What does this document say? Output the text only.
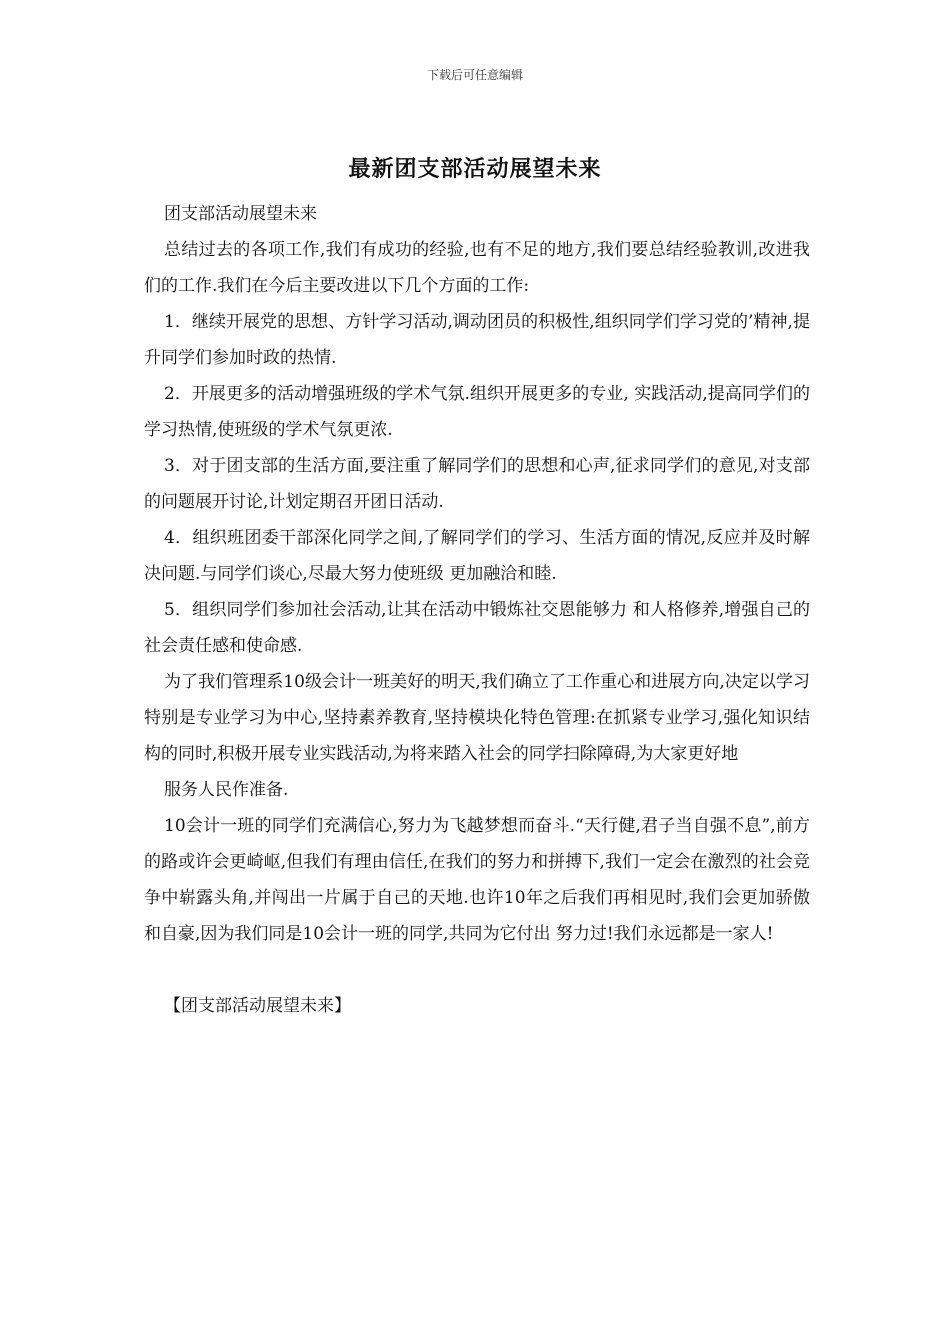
下载后可任意编辑
最新团支部活动展望未来

团支部活动展望未来

总结过去的各项工作,我们有成功的经验,也有不足的地方,我们要总结经验教训,改进我们的工作.我们在今后主要改进以下几个方面的工作:

1．继续开展党的思想、方针学习活动,调动团员的积极性,组织同学们学习党的’精神,提升同学们参加时政的热情.

2．开展更多的活动增强班级的学术气氛.组织开展更多的专业, 实践活动,提高同学们的学习热情,使班级的学术气氛更浓.

3．对于团支部的生活方面,要注重了解同学们的思想和心声,征求同学们的意见,对支部的问题展开讨论,计划定期召开团日活动.

4．组织班团委干部深化同学之间,了解同学们的学习、生活方面的情况,反应并及时解决问题.与同学们谈心,尽最大努力使班级 更加融洽和睦.

5．组织同学们参加社会活动,让其在活动中锻炼社交恩能够力 和人格修养,增强自己的社会责任感和使命感.

为了我们管理系10级会计一班美好的明天,我们确立了工作重心和进展方向,决定以学习特别是专业学习为中心,坚持素养教育,坚持模块化特色管理:在抓紧专业学习,强化知识结构的同时,积极开展专业实践活动,为将来踏入社会的同学扫除障碍,为大家更好地

服务人民作准备.

10会计一班的同学们充满信心,努力为飞越梦想而奋斗.“天行健,君子当自强不息”,前方的路或许会更崎岖,但我们有理由信任,在我们的努力和拼搏下,我们一定会在激烈的社会竞争中崭露头角,并闯出一片属于自己的天地.也许10年之后我们再相见时,我们会更加骄傲和自豪,因为我们同是10会计一班的同学,共同为它付出 努力过!我们永远都是一家人!

【团支部活动展望未来】
